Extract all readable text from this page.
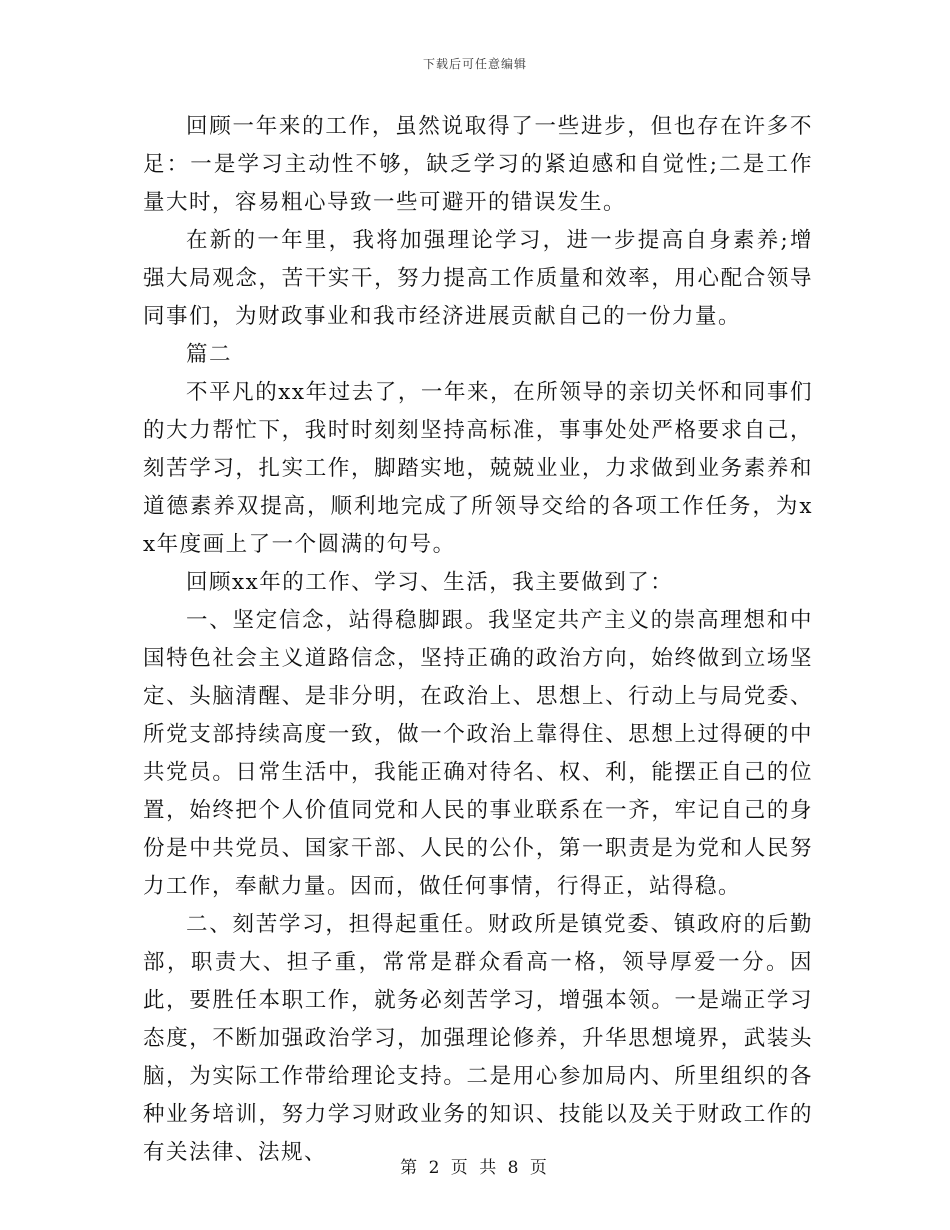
下载后可任意编辑

回顾一年来的工作，虽然说取得了一些进步，但也存在许多不足：一是学习主动性不够，缺乏学习的紧迫感和自觉性;二是工作量大时，容易粗心导致一些可避开的错误发生。

在新的一年里，我将加强理论学习，进一步提高自身素养;增强大局观念，苦干实干，努力提高工作质量和效率，用心配合领导同事们，为财政事业和我市经济进展贡献自己的一份力量。

篇二

不平凡的xx年过去了，一年来，在所领导的亲切关怀和同事们的大力帮忙下，我时时刻刻坚持高标准，事事处处严格要求自己，刻苦学习，扎实工作，脚踏实地，兢兢业业，力求做到业务素养和道德素养双提高，顺利地完成了所领导交给的各项工作任务，为xx年度画上了一个圆满的句号。

回顾xx年的工作、学习、生活，我主要做到了：

一、坚定信念，站得稳脚跟。我坚定共产主义的崇高理想和中国特色社会主义道路信念，坚持正确的政治方向，始终做到立场坚定、头脑清醒、是非分明，在政治上、思想上、行动上与局党委、所党支部持续高度一致，做一个政治上靠得住、思想上过得硬的中共党员。日常生活中，我能正确对待名、权、利，能摆正自己的位置，始终把个人价值同党和人民的事业联系在一齐，牢记自己的身份是中共党员、国家干部、人民的公仆，第一职责是为党和人民努力工作，奉献力量。因而，做任何事情，行得正，站得稳。

二、刻苦学习，担得起重任。财政所是镇党委、镇政府的后勤部，职责大、担子重，常常是群众看高一格，领导厚爱一分。因此，要胜任本职工作，就务必刻苦学习，增强本领。一是端正学习态度，不断加强政治学习，加强理论修养，升华思想境界，武装头脑，为实际工作带给理论支持。二是用心参加局内、所里组织的各种业务培训，努力学习财政业务的知识、技能以及关于财政工作的有关法律、法规、

第 2 页 共 8 页
